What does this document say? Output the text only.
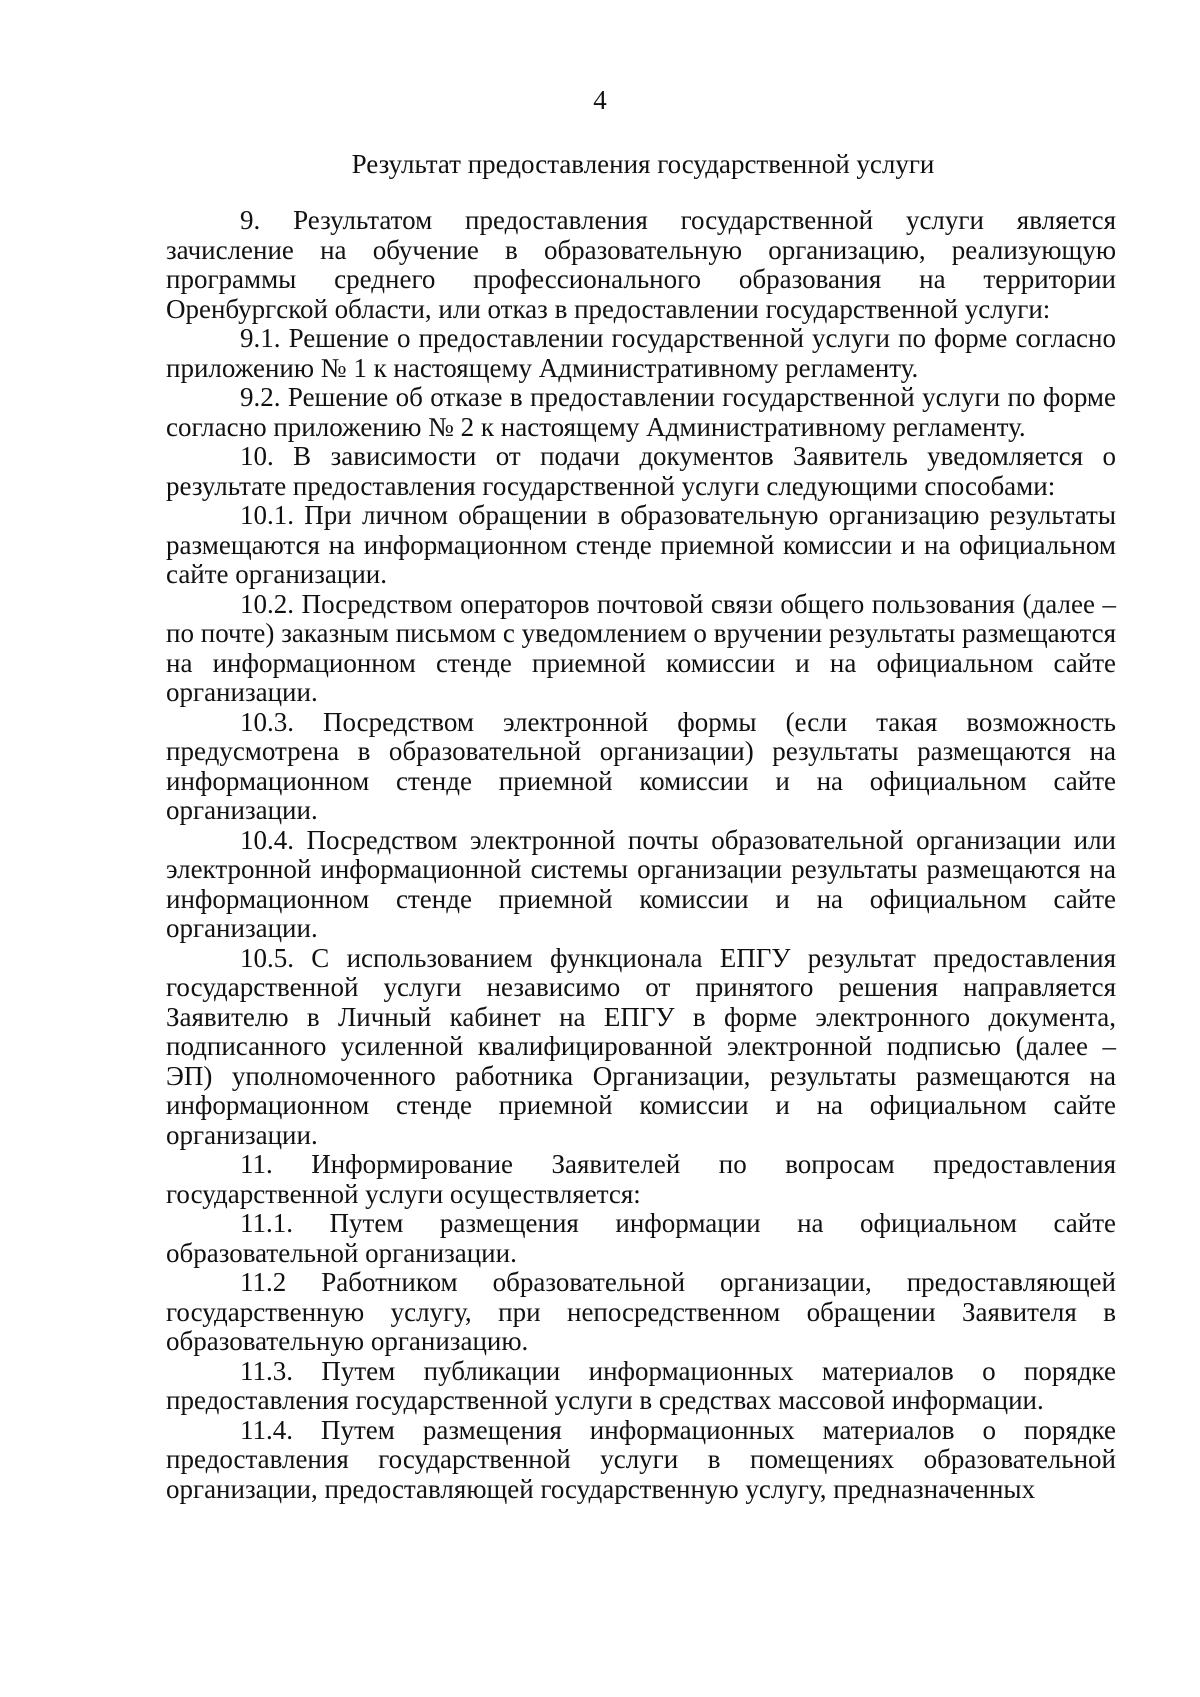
4
Результат предоставления государственной услуги

9. Результатом предоставления государственной услуги является зачисление на обучение в образовательную организацию, реализующую программы среднего профессионального образования на территории Оренбургской области, или отказ в предоставлении государственной услуги:

9.1. Решение о предоставлении государственной услуги по форме согласно приложению № 1 к настоящему Административному регламенту.

9.2. Решение об отказе в предоставлении государственной услуги по форме согласно приложению № 2 к настоящему Административному регламенту.

10. В зависимости от подачи документов Заявитель уведомляется о результате предоставления государственной услуги следующими способами:

10.1. При личном обращении в образовательную организацию результаты размещаются на информационном стенде приемной комиссии и на официальном сайте организации.

10.2. Посредством операторов почтовой связи общего пользования (далее – по почте) заказным письмом с уведомлением о вручении результаты размещаются на информационном стенде приемной комиссии и на официальном сайте организации.

10.3. Посредством электронной формы (если такая возможность предусмотрена в образовательной организации) результаты размещаются на информационном стенде приемной комиссии и на официальном сайте организации.

10.4. Посредством электронной почты образовательной организации или электронной информационной системы организации результаты размещаются на информационном стенде приемной комиссии и на официальном сайте организации.

10.5. С использованием функционала ЕПГУ результат предоставления государственной услуги независимо от принятого решения направляется Заявителю в Личный кабинет на ЕПГУ в форме электронного документа, подписанного усиленной квалифицированной электронной подписью (далее – ЭП) уполномоченного работника Организации, результаты размещаются на информационном стенде приемной комиссии и на официальном сайте организации.

11. Информирование Заявителей по вопросам предоставления государственной услуги осуществляется:

11.1. Путем размещения информации на официальном сайте образовательной организации.

11.2 Работником образовательной организации, предоставляющей государственную услугу, при непосредственном обращении Заявителя в образовательную организацию.

11.3. Путем публикации информационных материалов о порядке предоставления государственной услуги в средствах массовой информации.

11.4. Путем размещения информационных материалов о порядке предоставления государственной услуги в помещениях образовательной организации, предоставляющей государственную услугу, предназначенных
